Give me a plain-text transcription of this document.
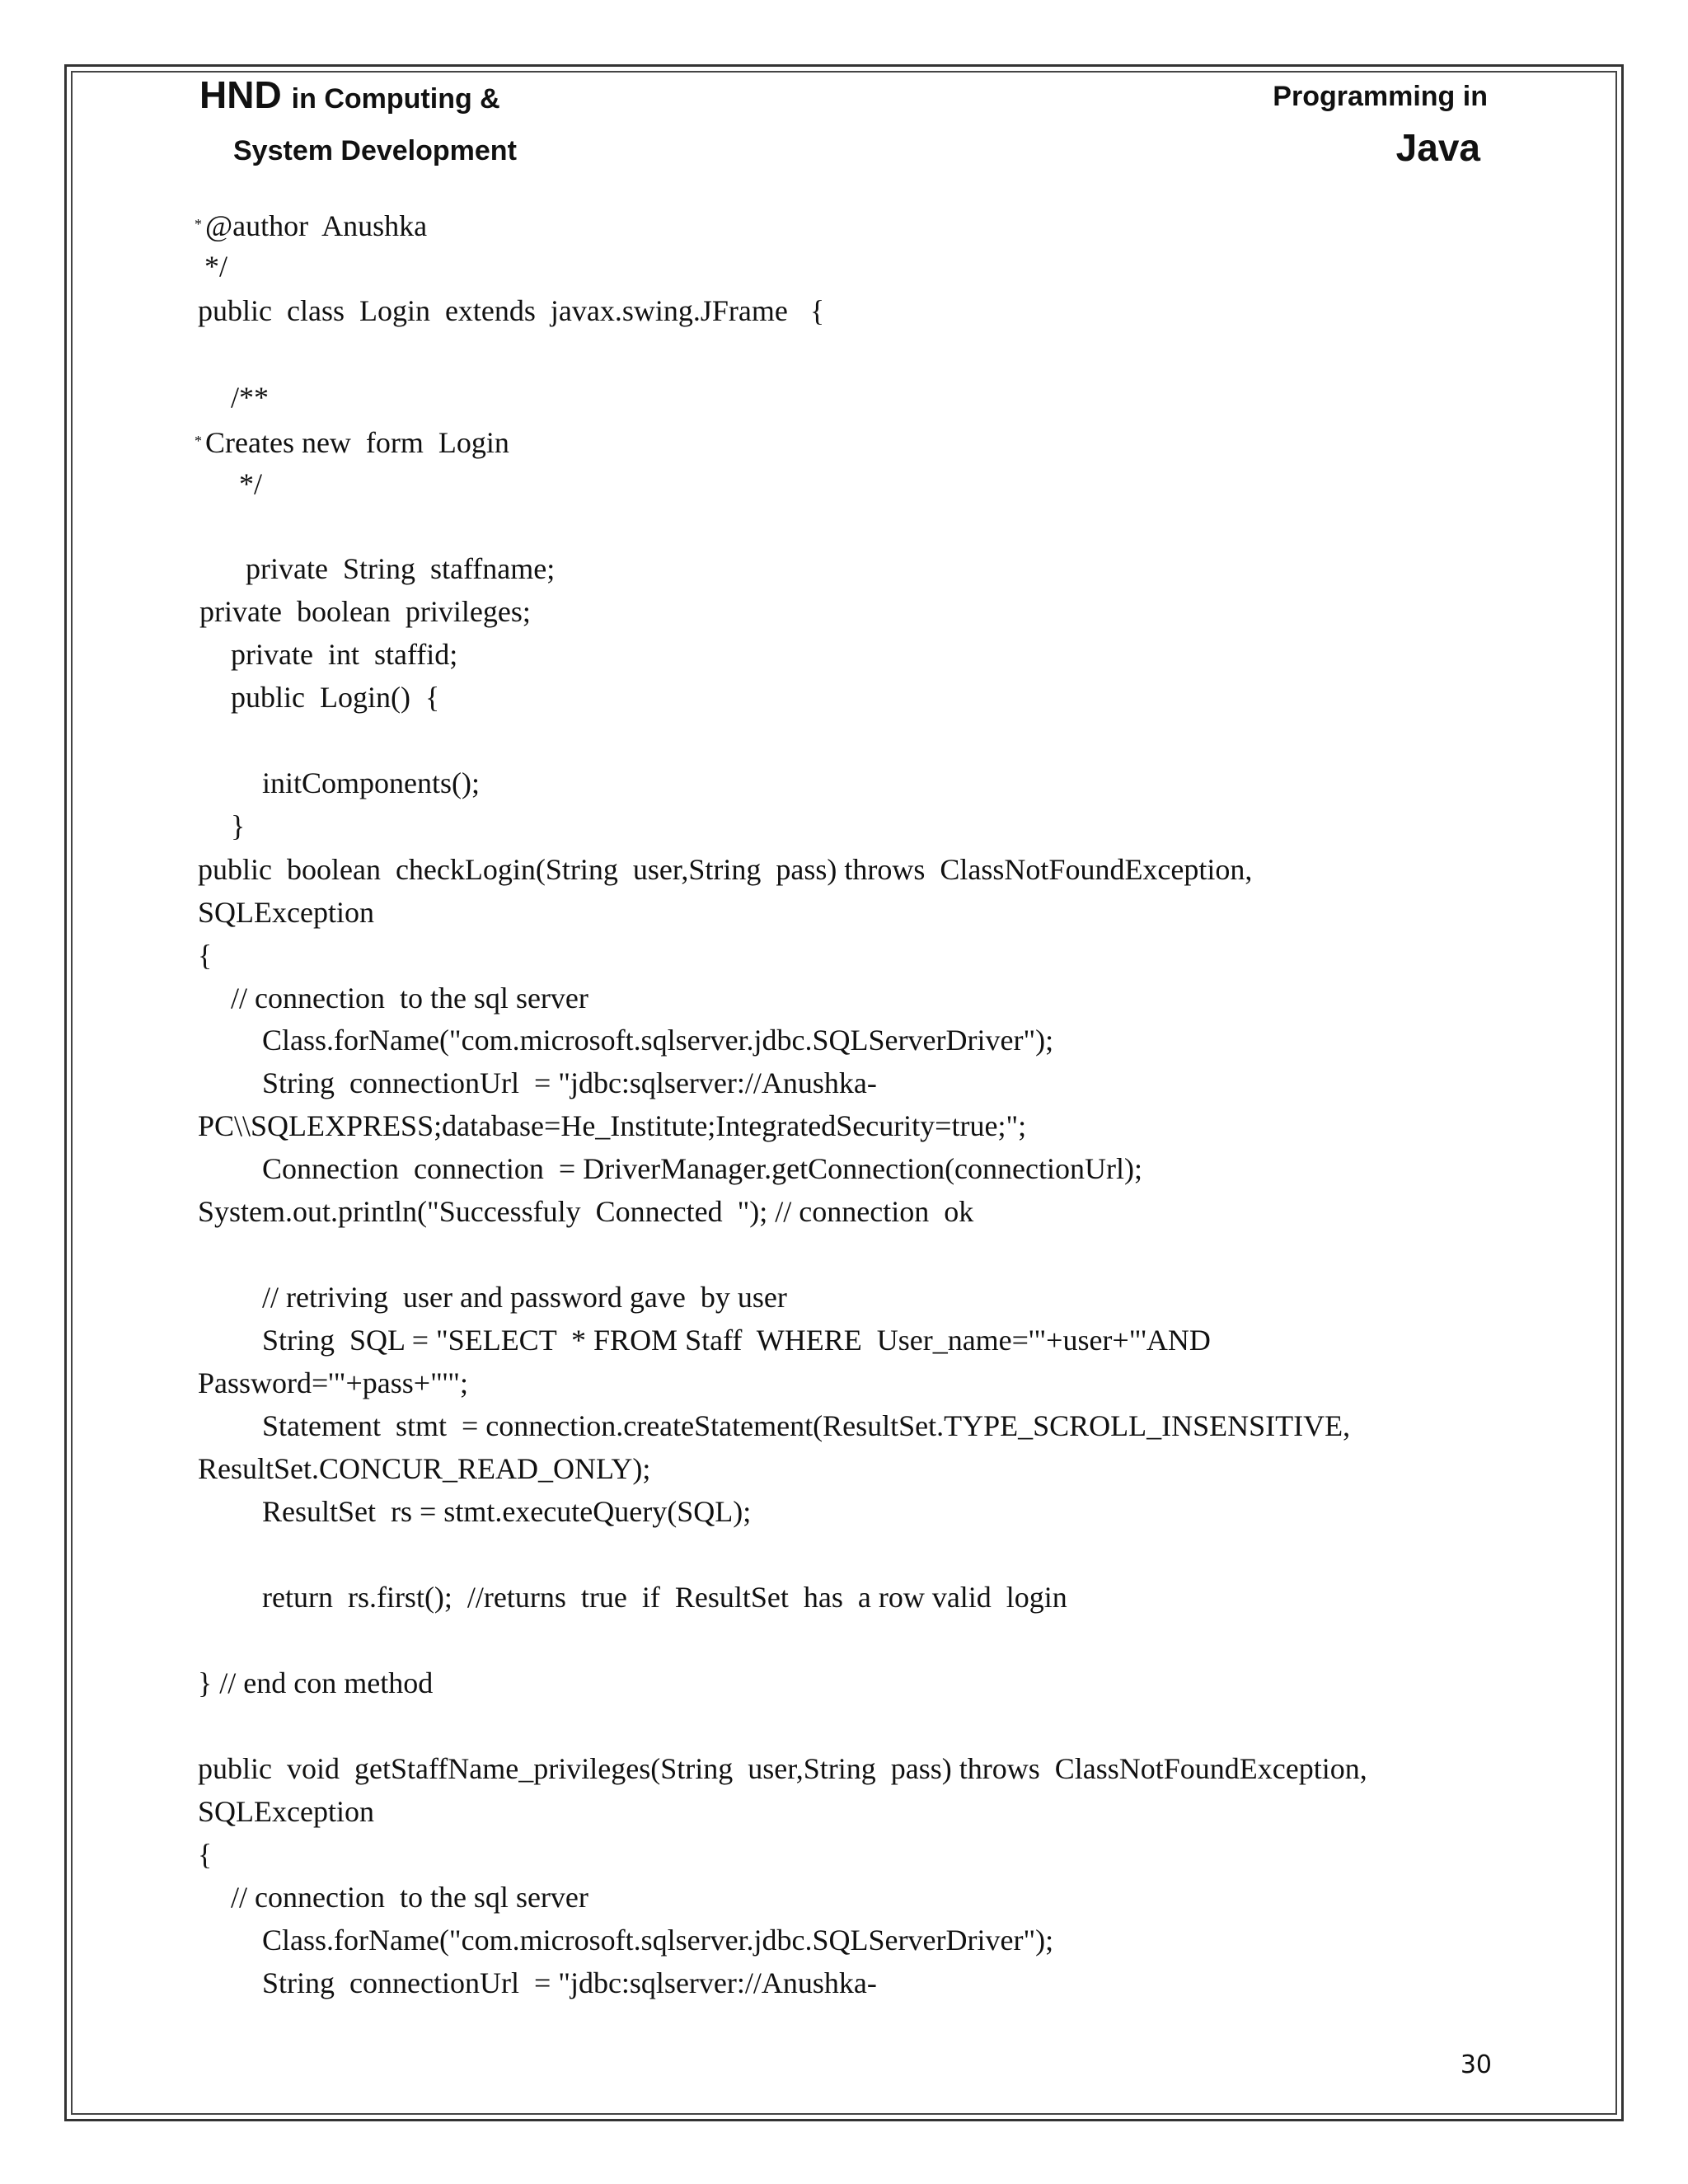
HND in Computing &
System Development
Programming in
Java
* @author  Anushka
*/
public  class  Login  extends  javax.swing.JFrame   {
/**
* Creates new  form  Login
*/
private  String  staffname;
private  boolean  privileges;
private  int  staffid;
public  Login()  {
initComponents();
}
public  boolean  checkLogin(String  user,String  pass) throws  ClassNotFoundException,
SQLException
{
// connection  to the sql server
Class.forName("com.microsoft.sqlserver.jdbc.SQLServerDriver");
String  connectionUrl  = "jdbc:sqlserver://Anushka-
PC\\SQLEXPRESS;database=He_Institute;IntegratedSecurity=true;";
Connection  connection  = DriverManager.getConnection(connectionUrl);
System.out.println("Successfuly  Connected  "); // connection  ok
// retriving  user and password gave  by user
String  SQL = "SELECT  * FROM Staff  WHERE  User_name='"+user+"'AND
Password='"+pass+"'";
Statement  stmt  = connection.createStatement(ResultSet.TYPE_SCROLL_INSENSITIVE,
ResultSet.CONCUR_READ_ONLY);
ResultSet  rs = stmt.executeQuery(SQL);
return  rs.first();  //returns  true  if  ResultSet  has  a row valid  login
} // end con method
public  void  getStaffName_privileges(String  user,String  pass) throws  ClassNotFoundException,
SQLException
{
// connection  to the sql server
Class.forName("com.microsoft.sqlserver.jdbc.SQLServerDriver");
String  connectionUrl  = "jdbc:sqlserver://Anushka-
30
